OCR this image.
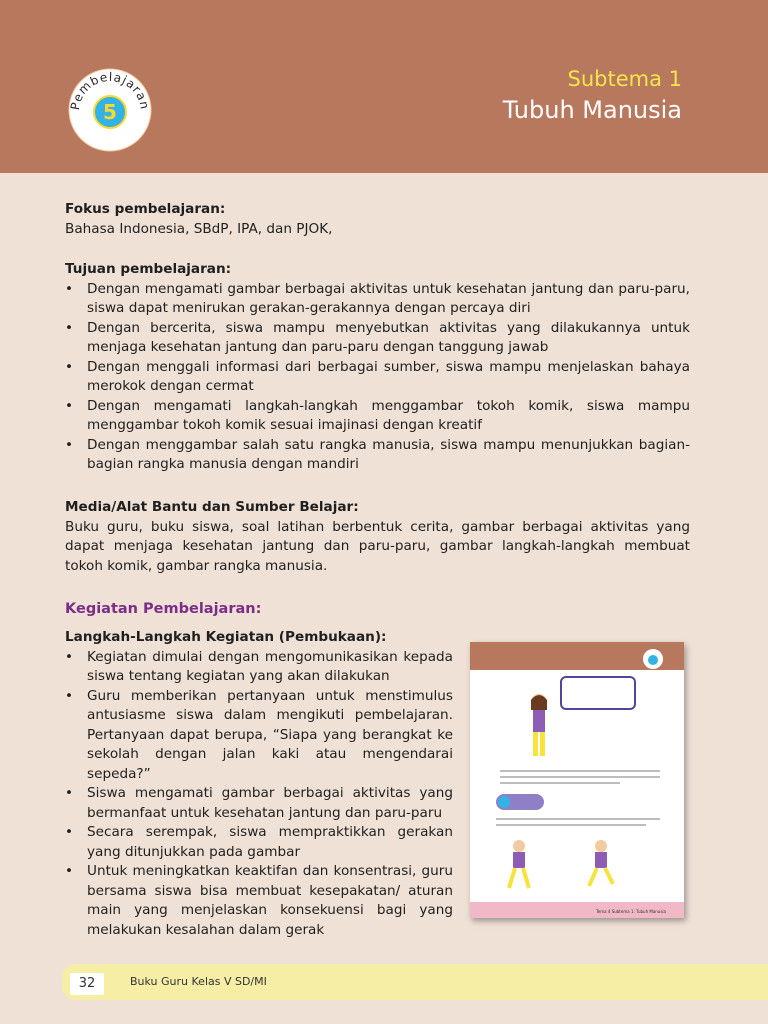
Pembelajaran
5
Subtema 1
Tubuh Manusia
Fokus pembelajaran:
Bahasa Indonesia, SBdP, IPA, dan PJOK,
Tujuan pembelajaran:
• Dengan mengamati gambar berbagai aktivitas untuk kesehatan jantung dan paru-paru, siswa dapat menirukan gerakan-gerakannya dengan percaya diri
• Dengan bercerita, siswa mampu menyebutkan aktivitas yang dilakukannya untuk menjaga kesehatan jantung dan paru-paru dengan tanggung jawab
• Dengan menggali informasi dari berbagai sumber, siswa mampu menjelaskan bahaya merokok dengan cermat
• Dengan mengamati langkah-langkah menggambar tokoh komik, siswa mampu menggambar tokoh komik sesuai imajinasi dengan kreatif
• Dengan menggambar salah satu rangka manusia, siswa mampu menunjukkan bagian-bagian rangka manusia dengan mandiri
Media/Alat Bantu dan Sumber Belajar:
Buku guru, buku siswa, soal latihan berbentuk cerita, gambar berbagai aktivitas yang dapat menjaga kesehatan jantung dan paru-paru, gambar langkah-langkah membuat tokoh komik, gambar rangka manusia.
Kegiatan Pembelajaran:
Langkah-Langkah Kegiatan (Pembukaan):
• Kegiatan dimulai dengan mengomunikasikan kepada siswa tentang kegiatan yang akan dilakukan
• Guru memberikan pertanyaan untuk menstimulus antusiasme siswa dalam mengikuti pembelajaran. Pertanyaan dapat berupa, “Siapa yang berangkat ke sekolah dengan jalan kaki atau mengendarai sepeda?”
• Siswa mengamati gambar berbagai aktivitas yang bermanfaat untuk kesehatan jantung dan paru-paru
• Secara serempak, siswa mempraktikkan gerakan yang ditunjukkan pada gambar
• Untuk meningkatkan keaktifan dan konsentrasi, guru bersama siswa bisa membuat kesepakatan/ aturan main yang menjelaskan konsekuensi bagi yang melakukan kesalahan dalam gerak
Tema 4 Subtema 1: Tubuh Manusia
32	Buku Guru Kelas V SD/MI
